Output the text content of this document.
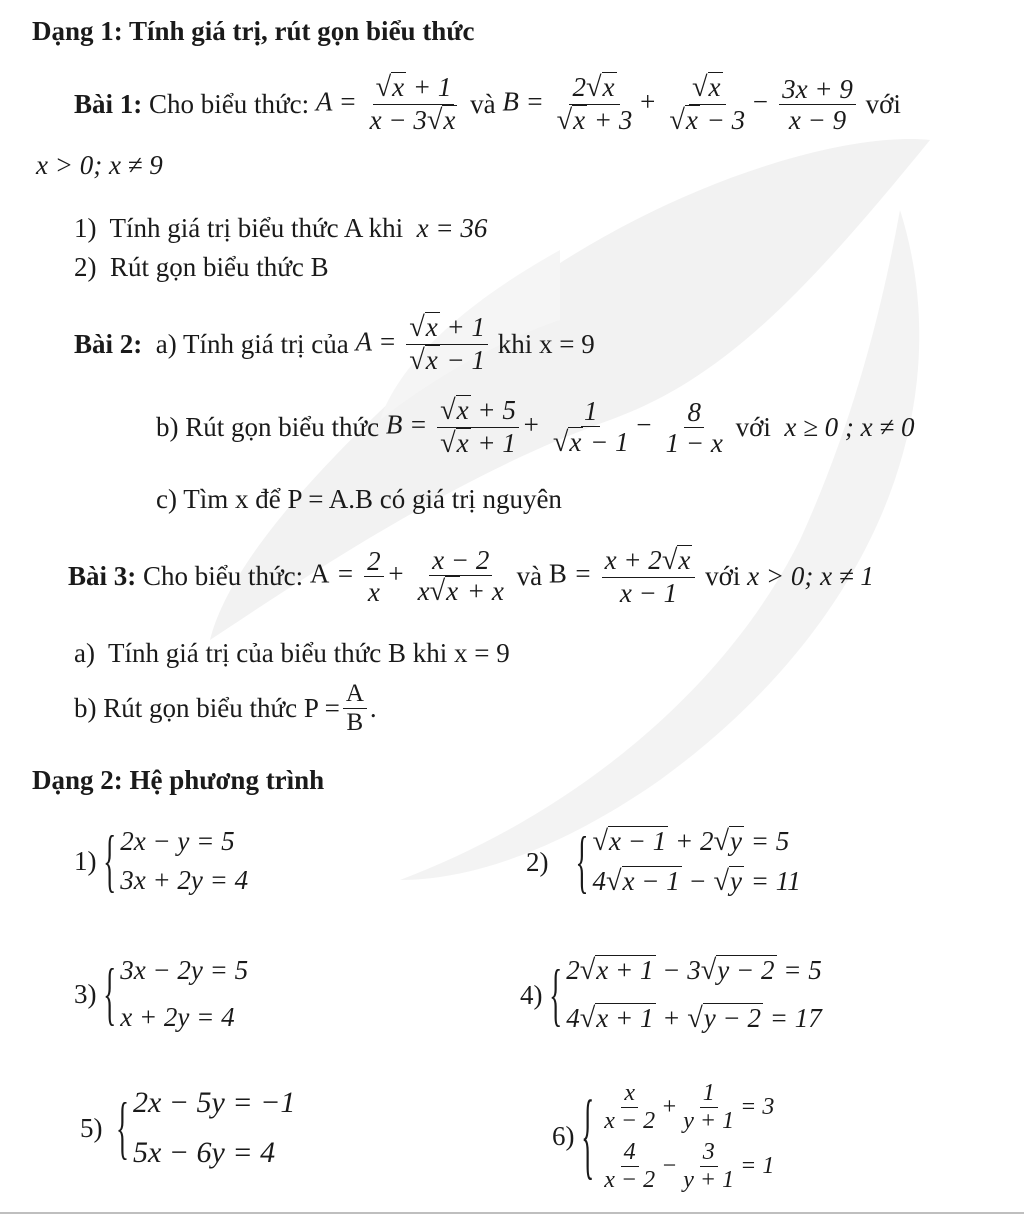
Dạng 1: Tính giá trị, rút gọn biểu thức
Bài 1:
Cho biểu thức:
$A = \frac{√x + 1}{x - 3√x}$
và
$B = \frac{2√x}{√x + 3} + \frac{√x}{√x - 3} - \frac{3x + 9}{x - 9}$
với
x > 0; x ≠ 9
1) Tính giá trị biểu thức A khi x = 36
2) Rút gọn biểu thức B
Bài 2:
a) Tính giá trị của
$A = \frac{√x + 1}{√x - 1}$
khi x = 9
b) Rút gọn biểu thức
$B = \frac{√x + 5}{√x + 1} + \frac{1}{√x - 1} - \frac{8}{1 - x}$
với
x ≥ 0 ; x ≠ 0
c) Tìm x để P = A.B có giá trị nguyên
Bài 3:
Cho biểu thức:
$A = \frac{2}{x} + \frac{x - 2}{x√x + x}$
và
$B = \frac{x + 2√x}{x - 1}$
với
x > 0; x ≠ 1
a) Tính giá trị của biểu thức B khi x = 9
b)
Rút gọn biểu thức $P = \frac{A}{B}$ .
Dạng 2: Hệ phương trình
1)
{ 2x − y = 5
3x + 2y = 4
2)
{ √x − 1 + 2√y = 5
4√x − 1 − √y = 11
3)
{ 3x − 2y = 5
x + 2y = 4
4)
{ 2√x + 1 − 3√y − 2 = 5
4√x + 1 + √y − 2 = 17
5)
{ 2x − 5y = −1
5x − 6y = 4	6)
{ $\frac{x}{x - 2} + \frac{1}{y + 1} = 3$
$\frac{4}{x - 2} - \frac{3}{y + 1} = 1$
